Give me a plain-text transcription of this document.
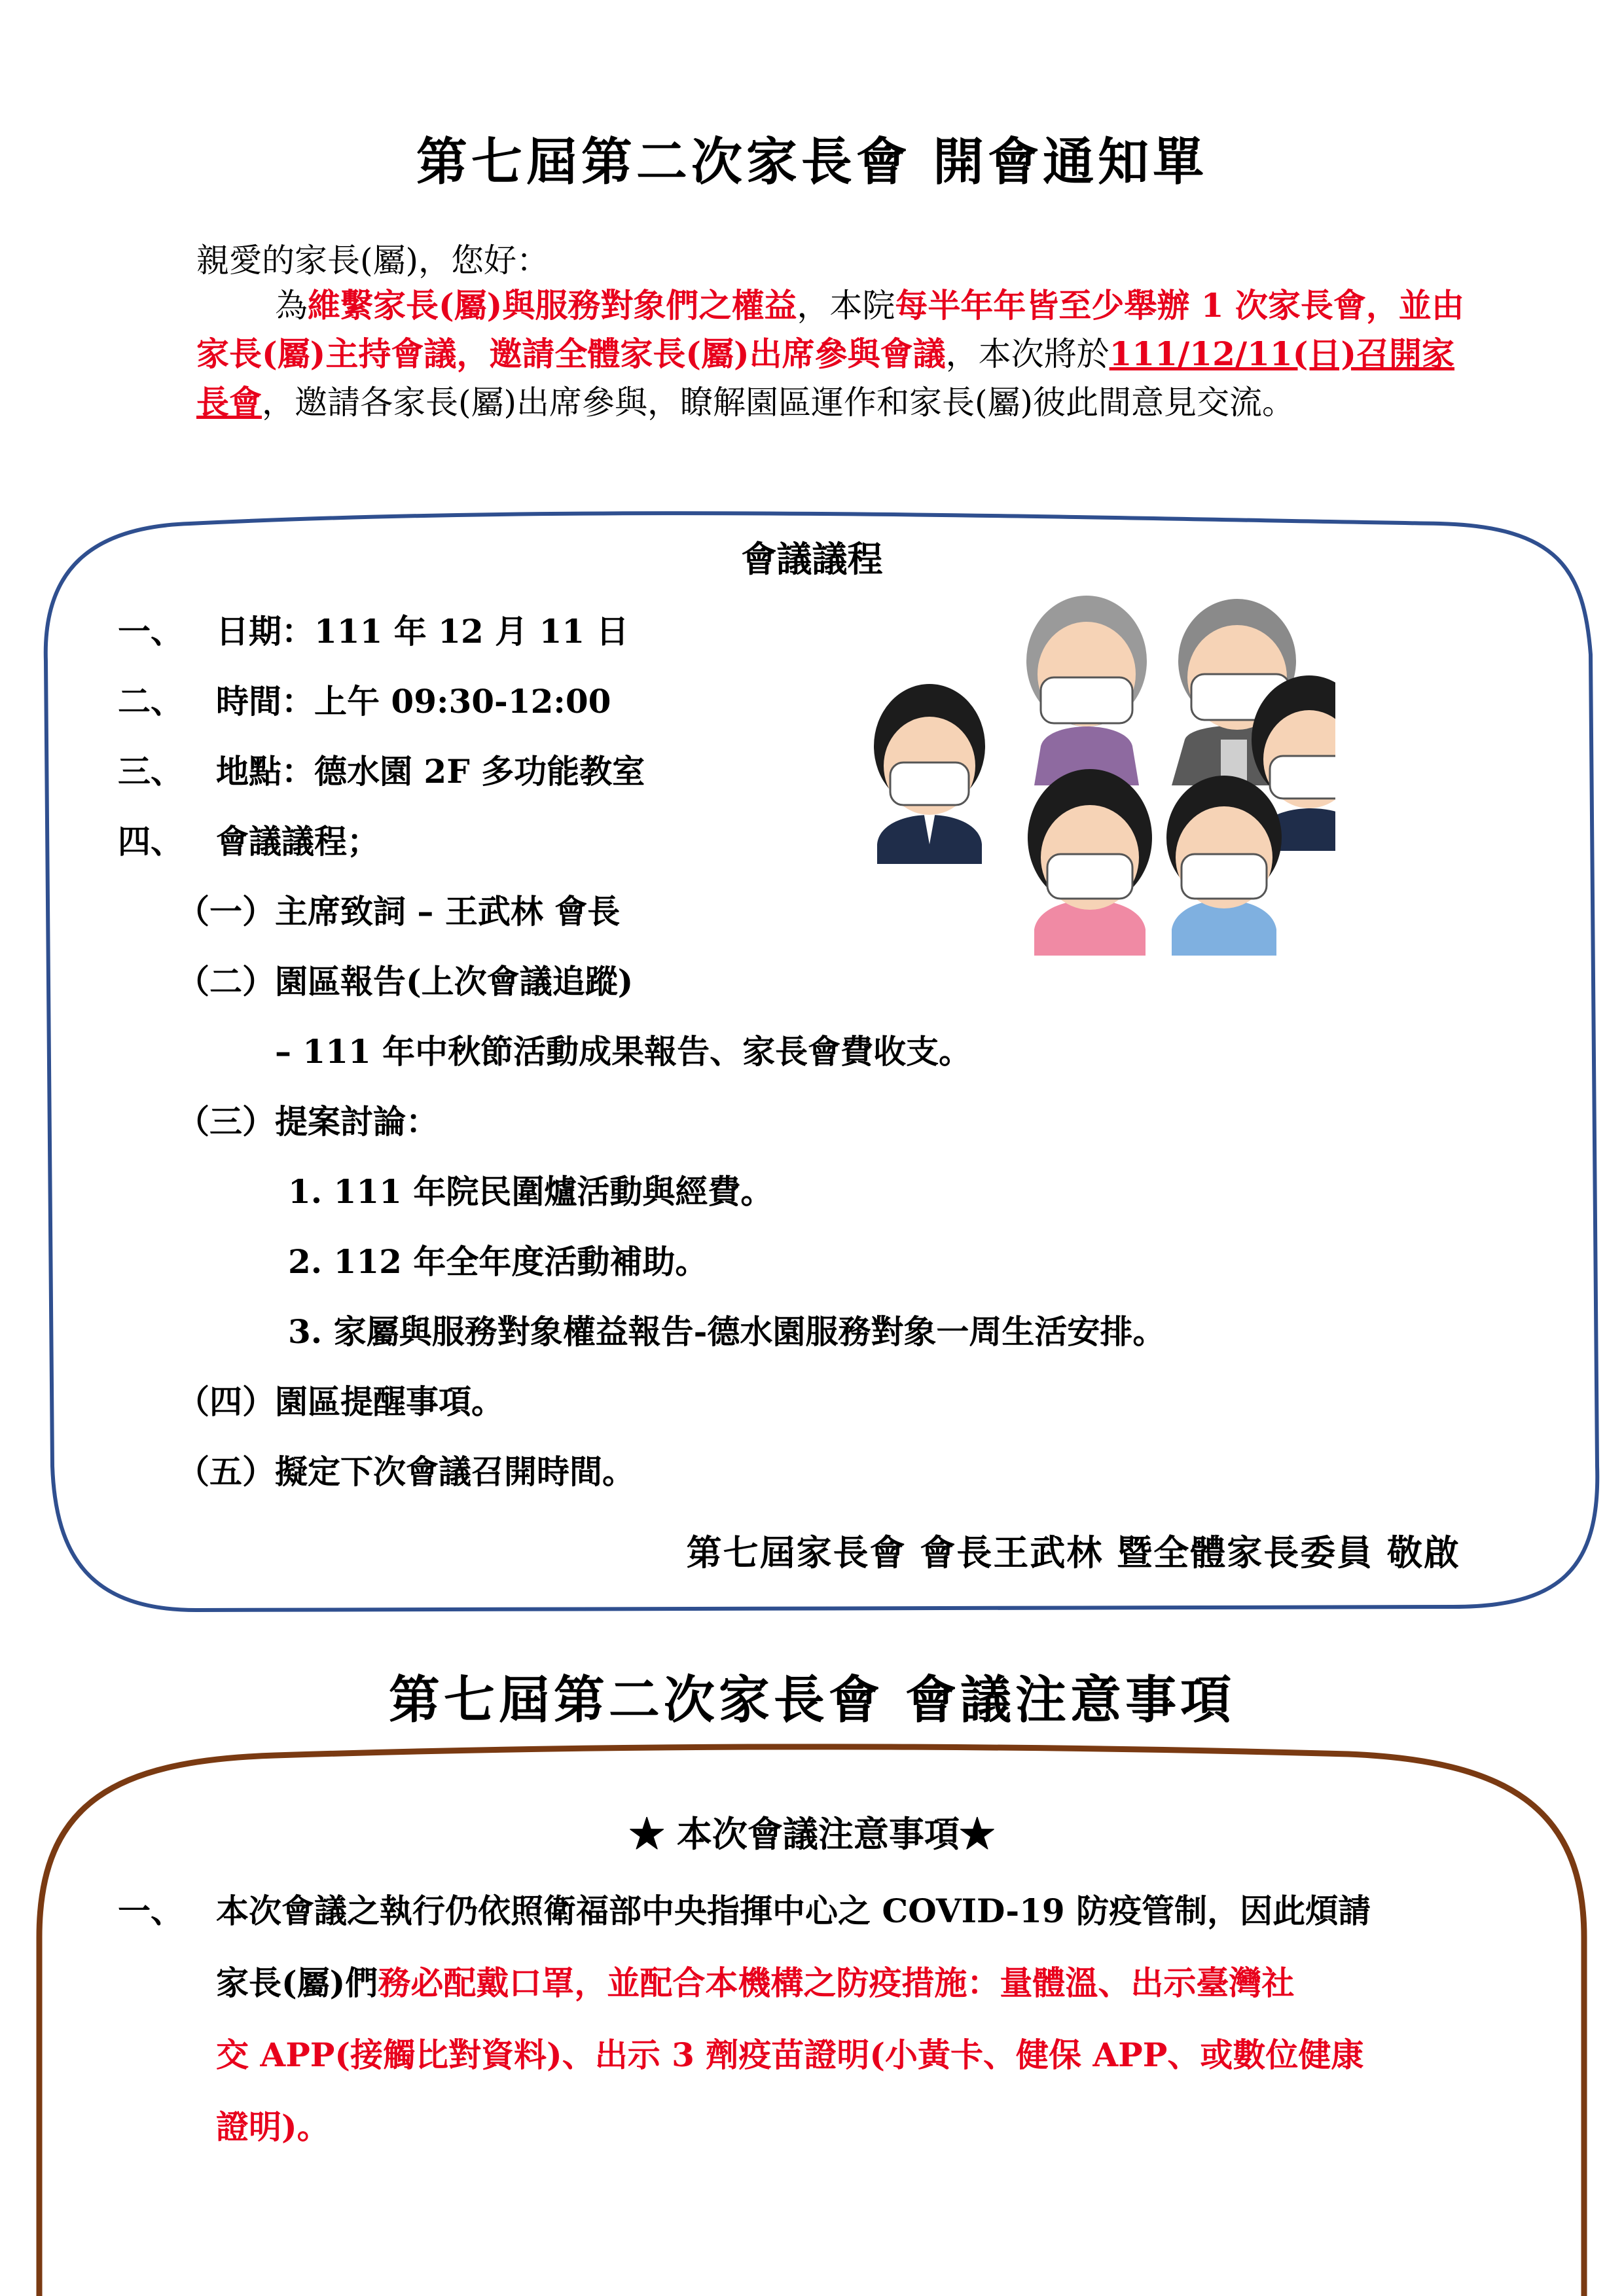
第七屆第二次家長會 開會通知單
親愛的家長(屬)，您好：
為維繫家長(屬)與服務對象們之權益，本院每半年年皆至少舉辦 1 次家長會，並由家長(屬)主持會議，邀請全體家長(屬)出席參與會議，本次將於111/12/11(日)召開家長會，邀請各家長(屬)出席參與，瞭解園區運作和家長(屬)彼此間意見交流。
會議議程
一、 日期：111 年 12 月 11 日
二、 時間：上午 09:30-12:00
三、 地點：德水園 2F 多功能教室
四、 會議議程；
（一）主席致詞 – 王武林 會長
（二）園區報告(上次會議追蹤)
– 111 年中秋節活動成果報告、家長會費收支。
（三）提案討論：
1. 111 年院民圍爐活動與經費。
2. 112 年全年度活動補助。
3. 家屬與服務對象權益報告-德水園服務對象一周生活安排。
（四）園區提醒事項。
（五）擬定下次會議召開時間。
第七屆家長會 會長王武林 暨全體家長委員 敬啟
第七屆第二次家長會 會議注意事項
★ 本次會議注意事項★
一、 本次會議之執行仍依照衛福部中央指揮中心之 COVID-19 防疫管制，因此煩請
家長(屬)們務必配戴口罩，並配合本機構之防疫措施：量體溫、出示臺灣社
交 APP(接觸比對資料)、出示 3 劑疫苗證明(小黃卡、健保 APP、或數位健康
證明)。
